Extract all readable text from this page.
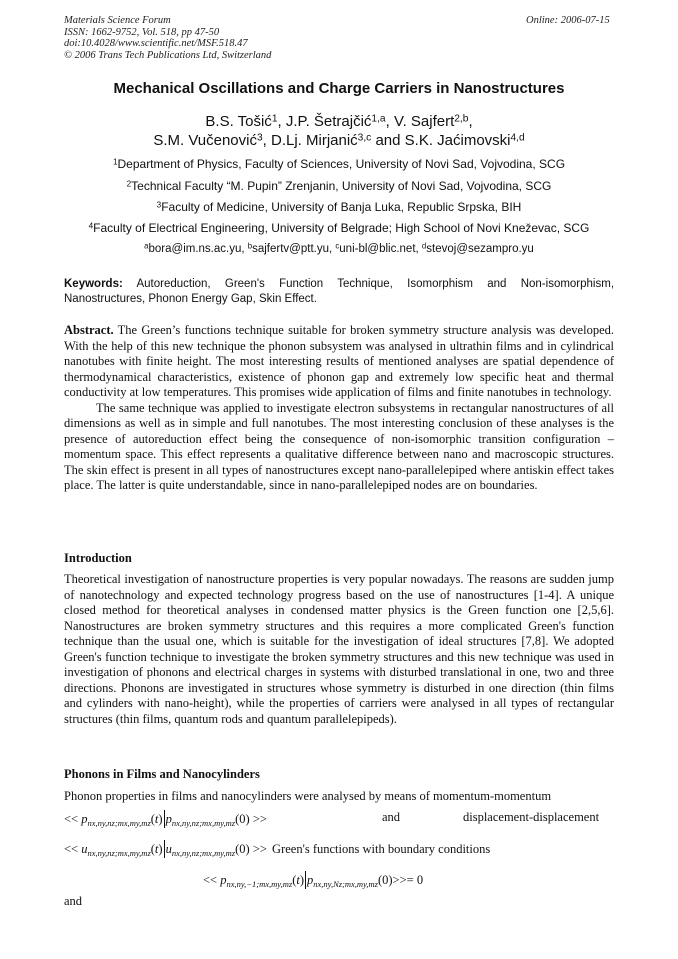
Materials Science Forum
ISSN: 1662-9752, Vol. 518, pp 47-50
doi:10.4028/www.scientific.net/MSF.518.47
© 2006 Trans Tech Publications Ltd, Switzerland
Online: 2006-07-15
Mechanical Oscillations and Charge Carriers in Nanostructures
B.S. Tošić$^1$, J.P. Šetrajčić$^{1,a}$, V. Sajfert$^{2,b}$,
S.M. Vučenović$^3$, D.Lj. Mirjanić$^{3,c}$ and S.K. Jaćimovski$^{4,d}$
$^1$Department of Physics, Faculty of Sciences, University of Novi Sad, Vojvodina, SCG
$^2$Technical Faculty “M. Pupin” Zrenjanin, University of Novi Sad, Vojvodina, SCG
$^3$Faculty of Medicine, University of Banja Luka, Republic Srpska, BIH
$^4$Faculty of Electrical Engineering, University of Belgrade; High School of Novi Kneževac, SCG
$^a$bora@im.ns.ac.yu, $^b$sajfertv@ptt.yu, $^c$uni-bl@blic.net, $^d$stevoj@sezampro.yu
Keywords: Autoreduction, Green's Function Technique, Isomorphism and Non-isomorphism, Nanostructures, Phonon Energy Gap, Skin Effect.
Abstract. The Green’s functions technique suitable for broken symmetry structure analysis was developed. With the help of this new technique the phonon subsystem was analysed in ultrathin films and in cylindrical nanotubes with finite height. The most interesting results of mentioned analyses are spatial dependence of thermodynamical characteristics, existence of phonon gap and extremely low specific heat and thermal conductivity at low temperatures. This promises wide application of films and finite nanotubes in technology.
The same technique was applied to investigate electron subsystems in rectangular nanostructures of all dimensions as well as in simple and full nanotubes. The most interesting conclusion of these analyses is the presence of autoreduction effect being the consequence of non-isomorphic transition configuration – momentum space. This effect represents a qualitative difference between nano and macroscopic structures. The skin effect is present in all types of nanostructures except nano-parallelepiped where antiskin effect takes place. The latter is quite understandable, since in nano-parallelepiped nodes are on boundaries.
Introduction
Theoretical investigation of nanostructure properties is very popular nowadays. The reasons are sudden jump of nanotechnology and expected technology progress based on the use of nanostructures [1-4]. A unique closed method for theoretical analyses in condensed matter physics is the Green function one [2,5,6]. Nanostructures are broken symmetry structures and this requires a more complicated Green's function technique than the usual one, which is suitable for the investigation of ideal structures [7,8]. We adopted Green's function technique to investigate the broken symmetry structures and this new technique was used in investigation of phonons and electrical charges in systems with disturbed translational in one, two and three directions. Phonons are investigated in structures whose symmetry is disturbed in one direction (thin films and cylinders with nano-height), while the properties of carriers were analysed in all types of rectangular structures (thin films, quantum rods and quantum parallelepipeds).
Phonons in Films and Nanocylinders
Phonon properties in films and nanocylinders were analysed by means of momentum-momentum
<< $p_{nx,ny,nz;mx,my,mz}(t) p_{nx,ny,nz;mx,my,mz}(0)$ >>	and	displacement-displacement
<< $u_{nx,ny,nz;mx,my,mz}(t) u_{nx,ny,nz;mx,my,mz}(0)$ >> Green's functions with boundary conditions
<< $p_{nx,ny,-1;mx,my,mz}(t)$ $p_{nx,ny,Nz;mx,my,mz}(0)>>= 0$
and
